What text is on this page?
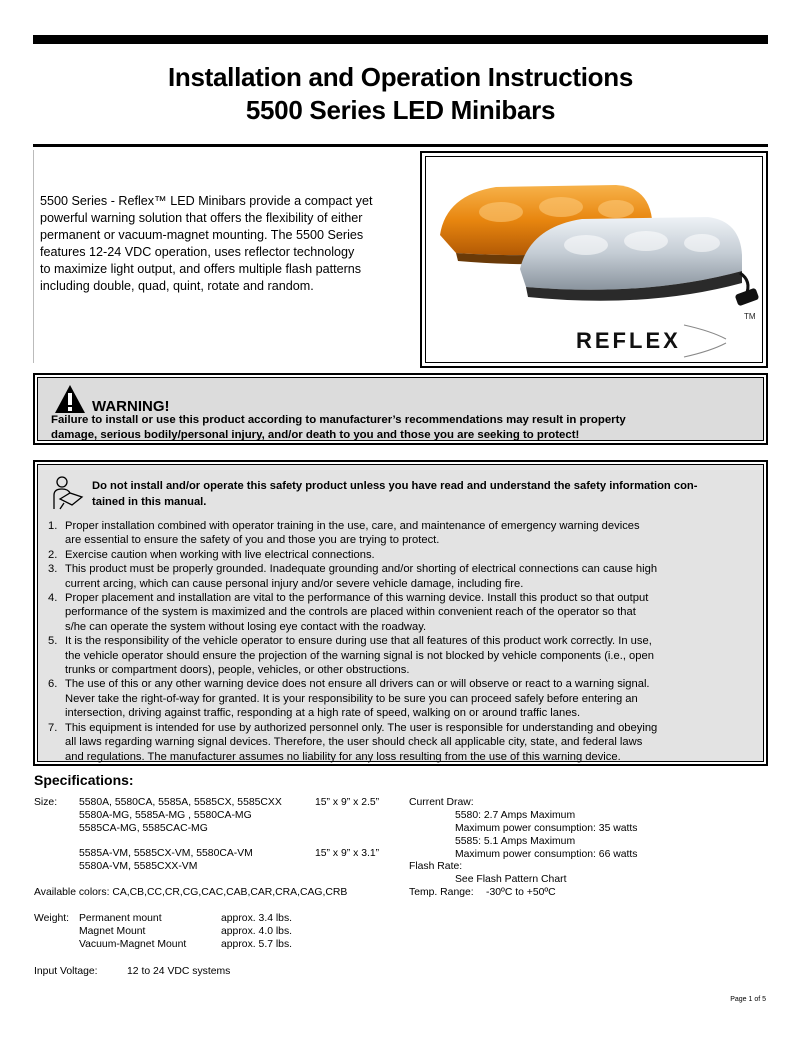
Installation and Operation Instructions
5500 Series LED Minibars
5500 Series - Reflex™ LED Minibars provide a compact yet
powerful warning solution that offers the flexibility of either
permanent or vacuum-magnet mounting. The 5500 Series
features 12-24 VDC operation, uses reflector technology
to maximize light output, and offers multiple flash patterns
including double, quad, quint, rotate and random.
TM
REFLEX
WARNING!
Failure to install or use this product according to manufacturer’s recommendations may result in property
damage, serious bodily/personal injury, and/or death to you and those you are seeking to protect!
Do not install and/or operate this safety product unless you have read and understand the safety information con-
tained in this manual.
1. Proper installation combined with operator training in the use, care, and maintenance of emergency warning devices
are essential to ensure the safety of you and those you are trying to protect.
2. Exercise caution when working with live electrical connections.
3. This product must be properly grounded. Inadequate grounding and/or shorting of electrical connections can cause high
current arcing, which can cause personal injury and/or severe vehicle damage, including fire.
4. Proper placement and installation are vital to the performance of this warning device. Install this product so that output
performance of the system is maximized and the controls are placed within convenient reach of the operator so that
s/he can operate the system without losing eye contact with the roadway.
5. It is the responsibility of the vehicle operator to ensure during use that all features of this product work correctly. In use,
the vehicle operator should ensure the projection of the warning signal is not blocked by vehicle components (i.e., open
trunks or compartment doors), people, vehicles, or other obstructions.
6. The use of this or any other warning device does not ensure all drivers can or will observe or react to a warning signal.
Never take the right-of-way for granted. It is your responsibility to be sure you can proceed safely before entering an
intersection, driving against traffic, responding at a high rate of speed, walking on or around traffic lanes.
7. This equipment is intended for use by authorized personnel only. The user is responsible for understanding and obeying
all laws regarding warning signal devices. Therefore, the user should check all applicable city, state, and federal laws
and regulations. The manufacturer assumes no liability for any loss resulting from the use of this warning device.
Specifications:
Size: 5580A, 5580CA, 5585A, 5585CX, 5585CXX
5580A-MG, 5585A-MG , 5580CA-MG
5585CA-MG, 5585CAC-MG
15” x 9” x 2.5”
5585A-VM, 5585CX-VM, 5580CA-VM
5580A-VM, 5585CXX-VM
15” x 9” x 3.1”
Available colors: CA,CB,CC,CR,CG,CAC,CAB,CAR,CRA,CAG,CRB
Weight: Permanent mount
Magnet Mount
Vacuum-Magnet Mount
approx. 3.4 lbs.
approx. 4.0 lbs.
approx. 5.7 lbs.
Input Voltage:	12 to 24 VDC systems
Current Draw:
5580: 2.7 Amps Maximum
Maximum power consumption: 35 watts
5585: 5.1 Amps Maximum
Maximum power consumption: 66 watts
Flash Rate:
See Flash Pattern Chart
Temp. Range: -30ºC to +50ºC
Page 1 of 5
